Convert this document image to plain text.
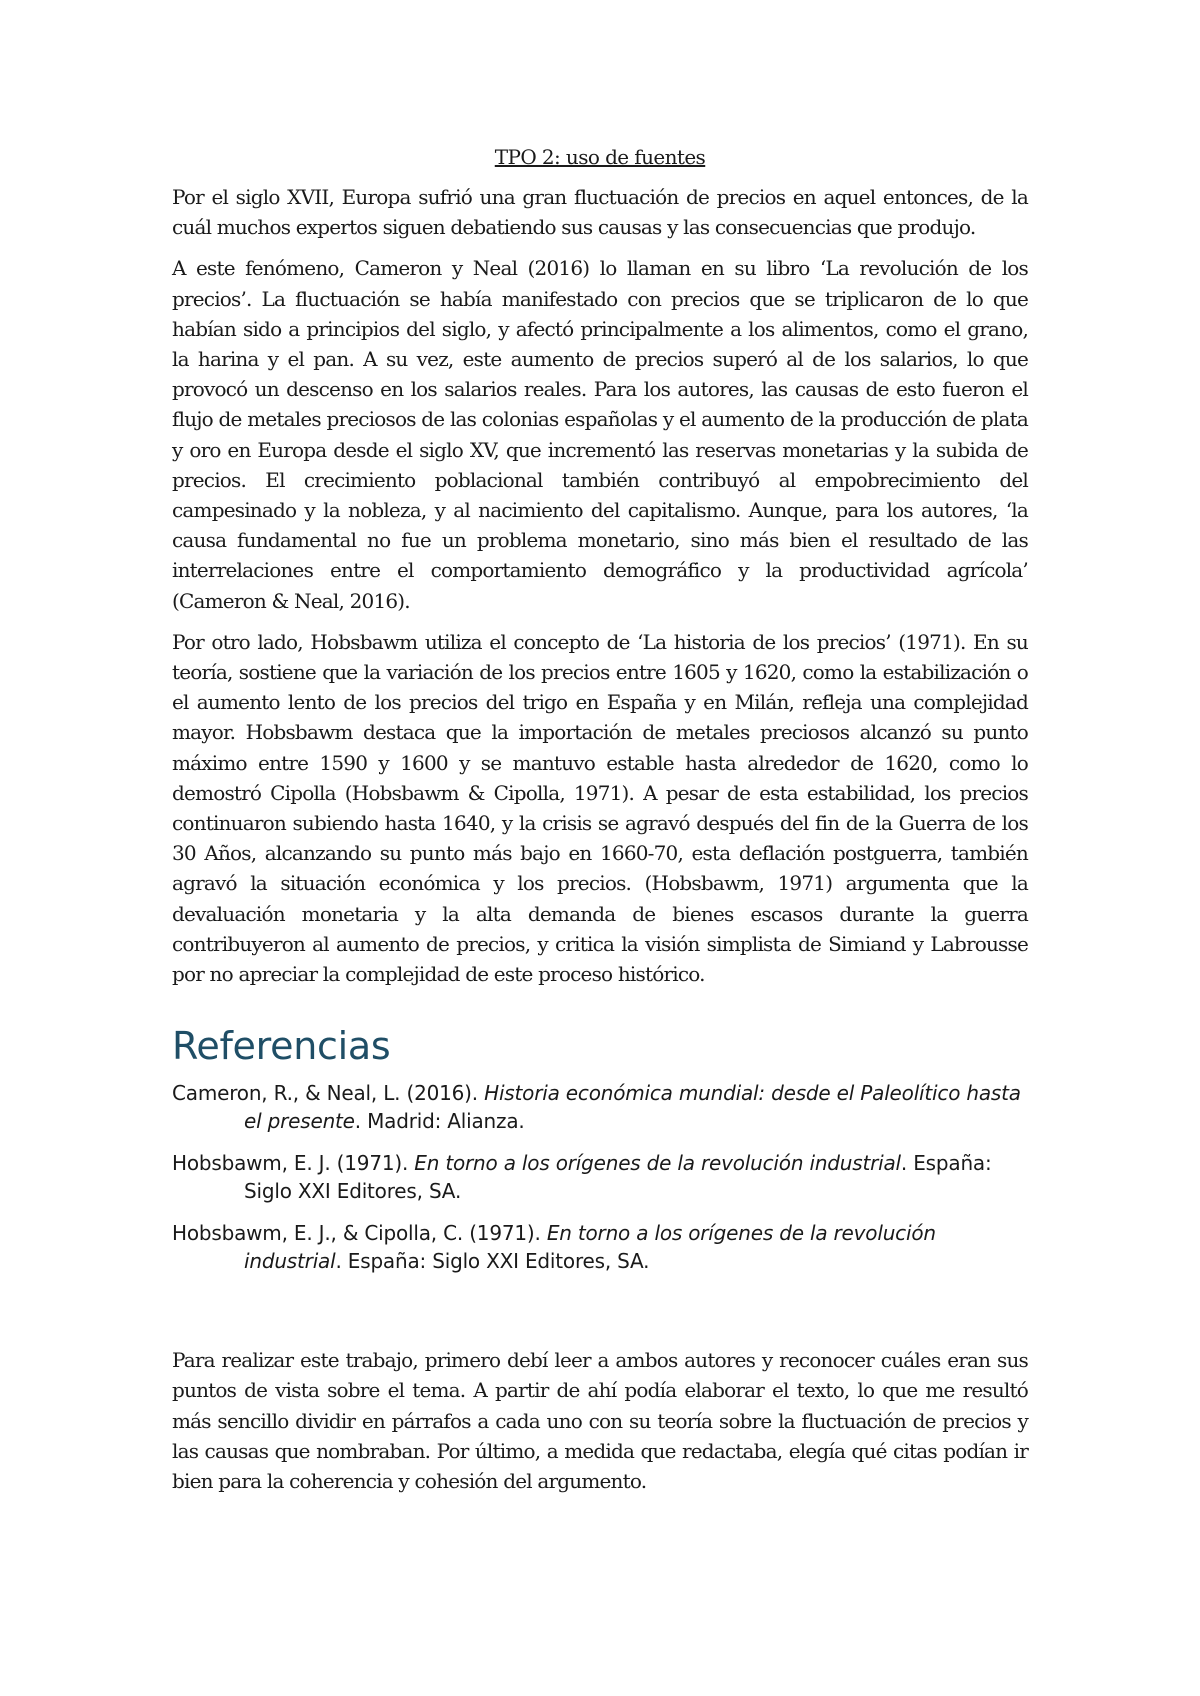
TPO 2: uso de fuentes

Por el siglo XVII, Europa sufrió una gran fluctuación de precios en aquel entonces, de la cuál muchos expertos siguen debatiendo sus causas y las consecuencias que produjo.

A este fenómeno, Cameron y Neal (2016) lo llaman en su libro ‘La revolución de los precios’. La fluctuación se había manifestado con precios que se triplicaron de lo que habían sido a principios del siglo, y afectó principalmente a los alimentos, como el grano, la harina y el pan. A su vez, este aumento de precios superó al de los salarios, lo que provocó un descenso en los salarios reales. Para los autores, las causas de esto fueron el flujo de metales preciosos de las colonias españolas y el aumento de la producción de plata y oro en Europa desde el siglo XV, que incrementó las reservas monetarias y la subida de precios. El crecimiento poblacional también contribuyó al empobrecimiento del campesinado y la nobleza, y al nacimiento del capitalismo. Aunque, para los autores, ‘la causa fundamental no fue un problema monetario, sino más bien el resultado de las interrelaciones entre el comportamiento demográfico y la productividad agrícola’ (Cameron & Neal, 2016).

Por otro lado, Hobsbawm utiliza el concepto de ‘La historia de los precios’ (1971). En su teoría, sostiene que la variación de los precios entre 1605 y 1620, como la estabilización o el aumento lento de los precios del trigo en España y en Milán, refleja una complejidad mayor. Hobsbawm destaca que la importación de metales preciosos alcanzó su punto máximo entre 1590 y 1600 y se mantuvo estable hasta alrededor de 1620, como lo demostró Cipolla (Hobsbawm & Cipolla, 1971). A pesar de esta estabilidad, los precios continuaron subiendo hasta 1640, y la crisis se agravó después del fin de la Guerra de los 30 Años, alcanzando su punto más bajo en 1660-70, esta deflación postguerra, también agravó la situación económica y los precios. (Hobsbawm, 1971) argumenta que la devaluación monetaria y la alta demanda de bienes escasos durante la guerra contribuyeron al aumento de precios, y critica la visión simplista de Simiand y Labrousse por no apreciar la complejidad de este proceso histórico.

Referencias

Cameron, R., & Neal, L. (2016). Historia económica mundial: desde el Paleolítico hasta el presente. Madrid: Alianza.

Hobsbawm, E. J. (1971). En torno a los orígenes de la revolución industrial. España: Siglo XXI Editores, SA.

Hobsbawm, E. J., & Cipolla, C. (1971). En torno a los orígenes de la revolución industrial. España: Siglo XXI Editores, SA.

Para realizar este trabajo, primero debí leer a ambos autores y reconocer cuáles eran sus puntos de vista sobre el tema. A partir de ahí podía elaborar el texto, lo que me resultó más sencillo dividir en párrafos a cada uno con su teoría sobre la fluctuación de precios y las causas que nombraban. Por último, a medida que redactaba, elegía qué citas podían ir bien para la coherencia y cohesión del argumento.
